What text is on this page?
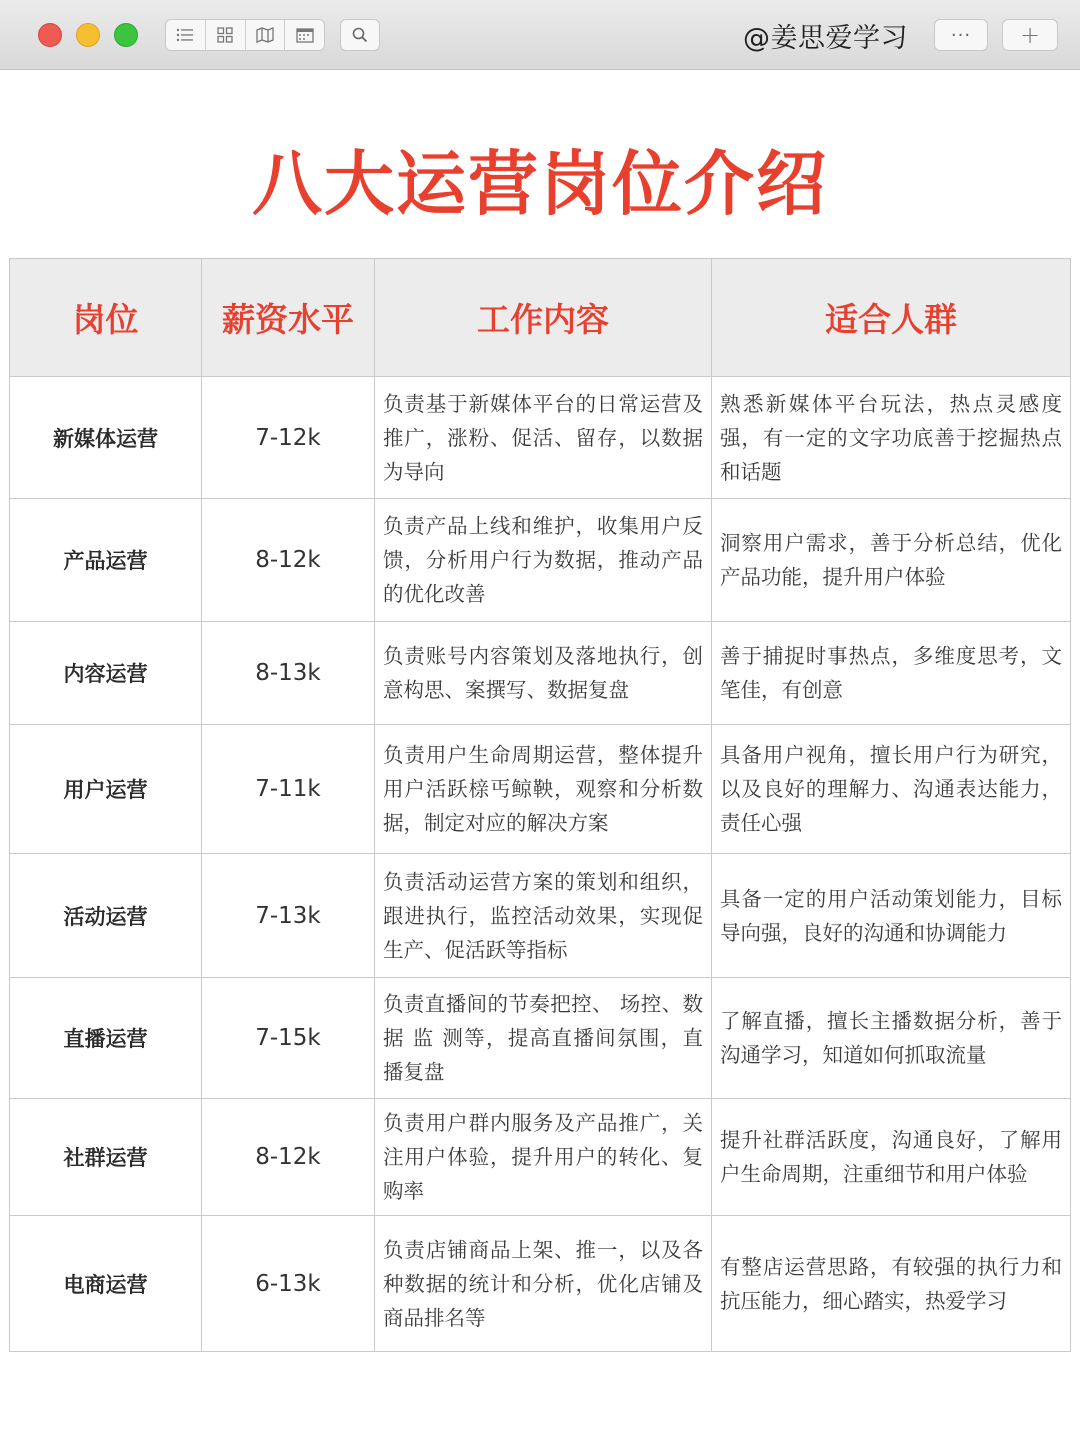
@姜思爱学习	···	+
八大运营岗位介绍
岗位	薪资水平	工作内容	适合人群
新媒体运营	7-12k	负责基于新媒体平台的日常运营及推广，涨粉、促活、留存，以数据为导向	熟悉新媒体平台玩法，热点灵感度强，有一定的文字功底善于挖掘热点和话题
产品运营	8-12k	负责产品上线和维护，收集用户反馈，分析用户行为数据，推动产品的优化改善	洞察用户需求，善于分析总结，优化产品功能，提升用户体验
内容运营	8-13k	负责账号内容策划及落地执行，创意构思、案撰写、数据复盘	善于捕捉时事热点，多维度思考，文笔佳，有创意
用户运营	7-11k	负责用户生命周期运营，整体提升用户活跃榇丐鲸鞅，观察和分析数据，制定对应的解决方案	具备用户视角，擅长用户行为研究，以及良好的理解力、沟通表达能力，责任心强
活动运营	7-13k	负责活动运营方案的策划和组织，跟进执行，监控活动效果，实现促生产、促活跃等指标	具备一定的用户活动策划能力，目标导向强，良好的沟通和协调能力
直播运营	7-15k	负责直播间的节奏把控、 场控、数 据 监 测等，提高直播间氛围，直播复盘	了解直播，擅长主播数据分析，善于沟通学习，知道如何抓取流量
社群运营	8-12k	负责用户群内服务及产品推广，关注用户体验，提升用户的转化、复购率	提升社群活跃度，沟通良好，了解用户生命周期，注重细节和用户体验
电商运营	6-13k	负责店铺商品上架、推一，以及各种数据的统计和分析，优化店铺及商品排名等	有整店运营思路，有较强的执行力和抗压能力，细心踏实，热爱学习
